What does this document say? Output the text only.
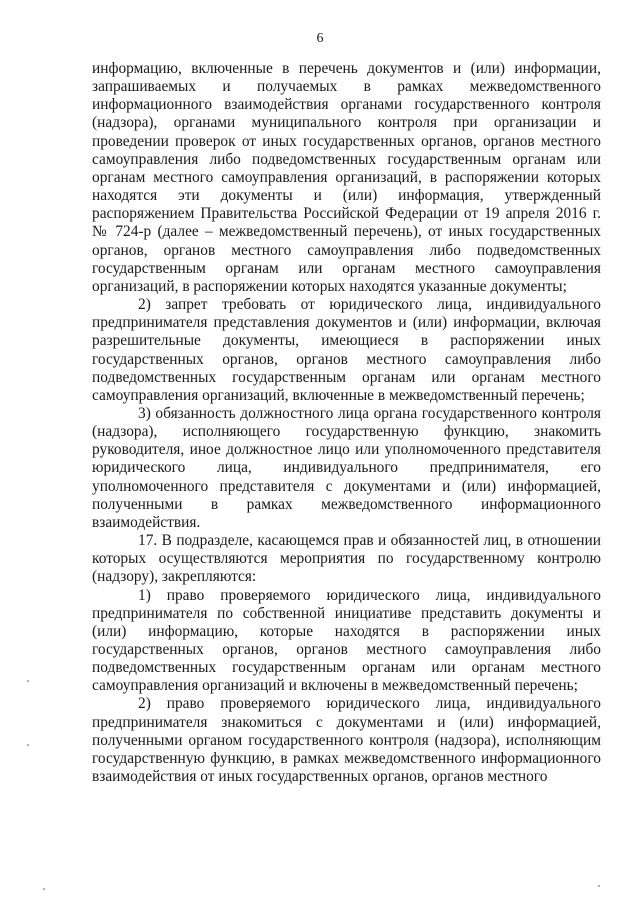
6

информацию, включенные в перечень документов и (или) информации, запрашиваемых и получаемых в рамках межведомственного информационного взаимодействия органами государственного контроля (надзора), органами муниципального контроля при организации и проведении проверок от иных государственных органов, органов местного самоуправления либо подведомственных государственным органам или органам местного самоуправления организаций, в распоряжении которых находятся эти документы и (или) информация, утвержденный распоряжением Правительства Российской Федерации от 19 апреля 2016 г. № 724-р (далее – межведомственный перечень), от иных государственных органов, органов местного самоуправления либо подведомственных государственным органам или органам местного самоуправления организаций, в распоряжении которых находятся указанные документы;

2) запрет требовать от юридического лица, индивидуального предпринимателя представления документов и (или) информации, включая разрешительные документы, имеющиеся в распоряжении иных государственных органов, органов местного самоуправления либо подведомственных государственным органам или органам местного самоуправления организаций, включенные в межведомственный перечень;

3) обязанность должностного лица органа государственного контроля (надзора), исполняющего государственную функцию, знакомить руководителя, иное должностное лицо или уполномоченного представителя юридического лица, индивидуального предпринимателя, его уполномоченного представителя с документами и (или) информацией, полученными в рамках межведомственного информационного взаимодействия.

17. В подразделе, касающемся прав и обязанностей лиц, в отношении которых осуществляются мероприятия по государственному контролю (надзору), закрепляются:

1) право проверяемого юридического лица, индивидуального предпринимателя по собственной инициативе представить документы и (или) информацию, которые находятся в распоряжении иных государственных органов, органов местного самоуправления либо подведомственных государственным органам или органам местного самоуправления организаций и включены в межведомственный перечень;

2) право проверяемого юридического лица, индивидуального предпринимателя знакомиться с документами и (или) информацией, полученными органом государственного контроля (надзора), исполняющим государственную функцию, в рамках межведомственного информационного взаимодействия от иных государственных органов, органов местного
